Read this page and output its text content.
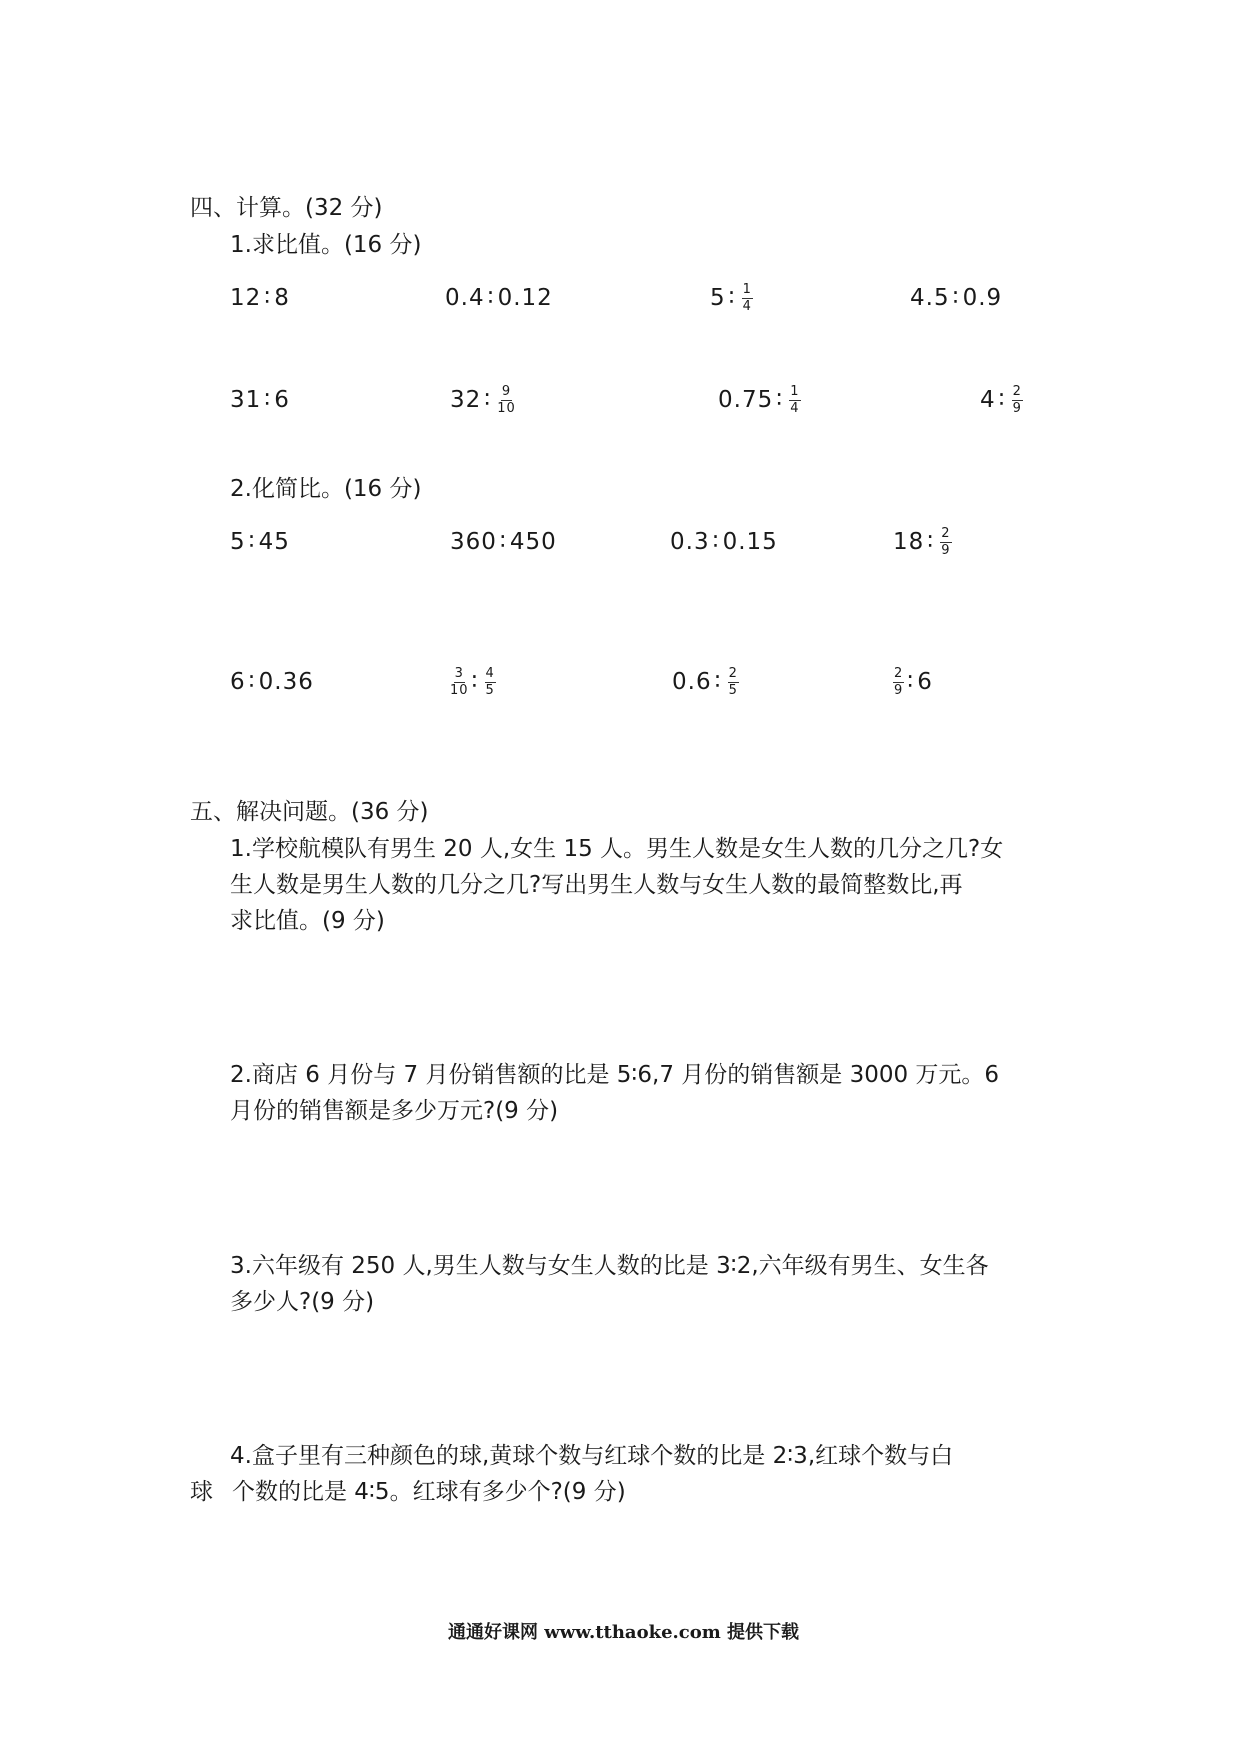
四、计算。(32 分)
1.求比值。(16 分)
12 ∶ 8	0.4 ∶ 0.12	5 ∶ $\frac{1}{4}$	4.5 ∶ 0.9
31 ∶ 6	32 ∶ $\frac{9}{10}$	0.75 ∶ $\frac{1}{4}$	4 ∶ $\frac{2}{9}$
2.化简比。(16 分)
5 ∶ 45	360 ∶ 450	0.3 ∶ 0.15	18 ∶ $\frac{2}{9}$
6 ∶ 0.36	$\frac{3}{10}$ ∶ $\frac{4}{5}$	0.6 ∶ $\frac{2}{5}$	$\frac{2}{9}$ ∶ 6
五、解决问题。(36 分)
1.学校航模队有男生 20 人,女生 15 人。男生人数是女生人数的几分之几?女
生人数是男生人数的几分之几?写出男生人数与女生人数的最简整数比,再
求比值。(9 分)
2.商店 6 月份与 7 月份销售额的比是 5∶6,7 月份的销售额是 3000 万元。6
月份的销售额是多少万元?(9 分)
3.六年级有 250 人,男生人数与女生人数的比是 3∶2,六年级有男生、女生各
多少人?(9 分)
4.盒子里有三种颜色的球,黄球个数与红球个数的比是 2∶3,红球个数与白
球 个数的比是 4∶5。红球有多少个?(9 分)
通通好课网 www.tthaoke.com 提供下载
